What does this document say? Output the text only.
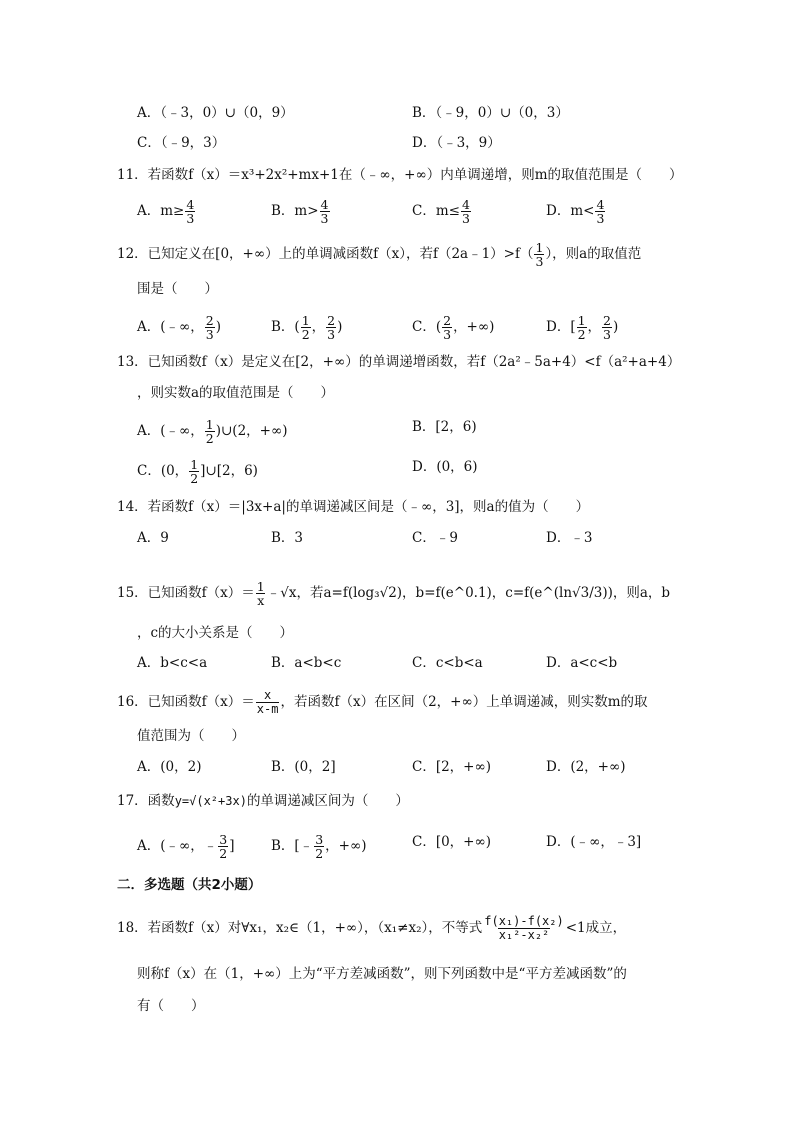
A．（﹣3，0）∪（0，9）	B．（﹣9，0）∪（0，3）
C．（﹣9，3）	D．（﹣3，9）
11．若函数f（x）＝x³+2x²+mx+1在（﹣∞，+∞）内单调递增，则m的取值范围是（　　）
A．$m\ge \frac{4}{3}$	B．$m> \frac{4}{3}$	C．$m\le \frac{4}{3}$	D．$m< \frac{4}{3}$
12．已知定义在[0，+∞）上的单调减函数f（x），若f（2a﹣1）>f（ $\frac{1}{3}$ ），则a的取值范
围是（　　）
A．(﹣∞， $\frac{2}{3}$ )	B．( $\frac{1}{2}$ ， $\frac{2}{3}$ )	C．( $\frac{2}{3}$ ，+∞)	D．[ $\frac{1}{2}$ ， $\frac{2}{3}$ )
13．已知函数f（x）是定义在[2，+∞）的单调递增函数，若f（2a²﹣5a+4）<f（a²+a+4）
，则实数a的取值范围是（　　）
A．(﹣∞， $\frac{1}{2}$ )∪(2，+∞)	B．[2，6)
C．(0， $\frac{1}{2}$ ]∪[2，6)	D．(0，6)
14．若函数f（x）＝|3x+a|的单调递减区间是（﹣∞，3]，则a的值为（　　）
A．9	B．3	C．﹣9	D．﹣3
15．已知函数$f(x)= \frac{1}{x}$ ﹣√x，若a=f(log₃√2)，b=f(e^0.1)，c=f(e^(ln√3/3))，则a，b
，c的大小关系是（　　）
A．b<c<a	B．a<b<c	C．c<b<a	D．a<c<b
16．已知函数$f(x)= \frac{x}{x-m}$ ，若函数f（x）在区间（2，+∞）上单调递减，则实数m的取
值范围为（　　）
A．(0，2)	B．(0，2]	C．[2，+∞)	D．(2，+∞)
17．函数y=√(x²+3x)的单调递减区间为（　　）
A．(﹣∞，﹣ $\frac{3}{2}$ ]	B．[﹣ $\frac{3}{2}$ ，+∞)	C．[0，+∞)	D．(﹣∞，﹣3]
二．多选题（共2小题）
18．若函数f（x）对∀x₁，x₂∈（1，+∞），（x₁≠x₂），不等式 $\frac{\text{f(x₁)-f(x₂)}}{\text{x₁²-x₂²}} <1$成立，
则称f（x）在（1，+∞）上为“平方差减函数”，则下列函数中是“平方差减函数”的
有（　　）
